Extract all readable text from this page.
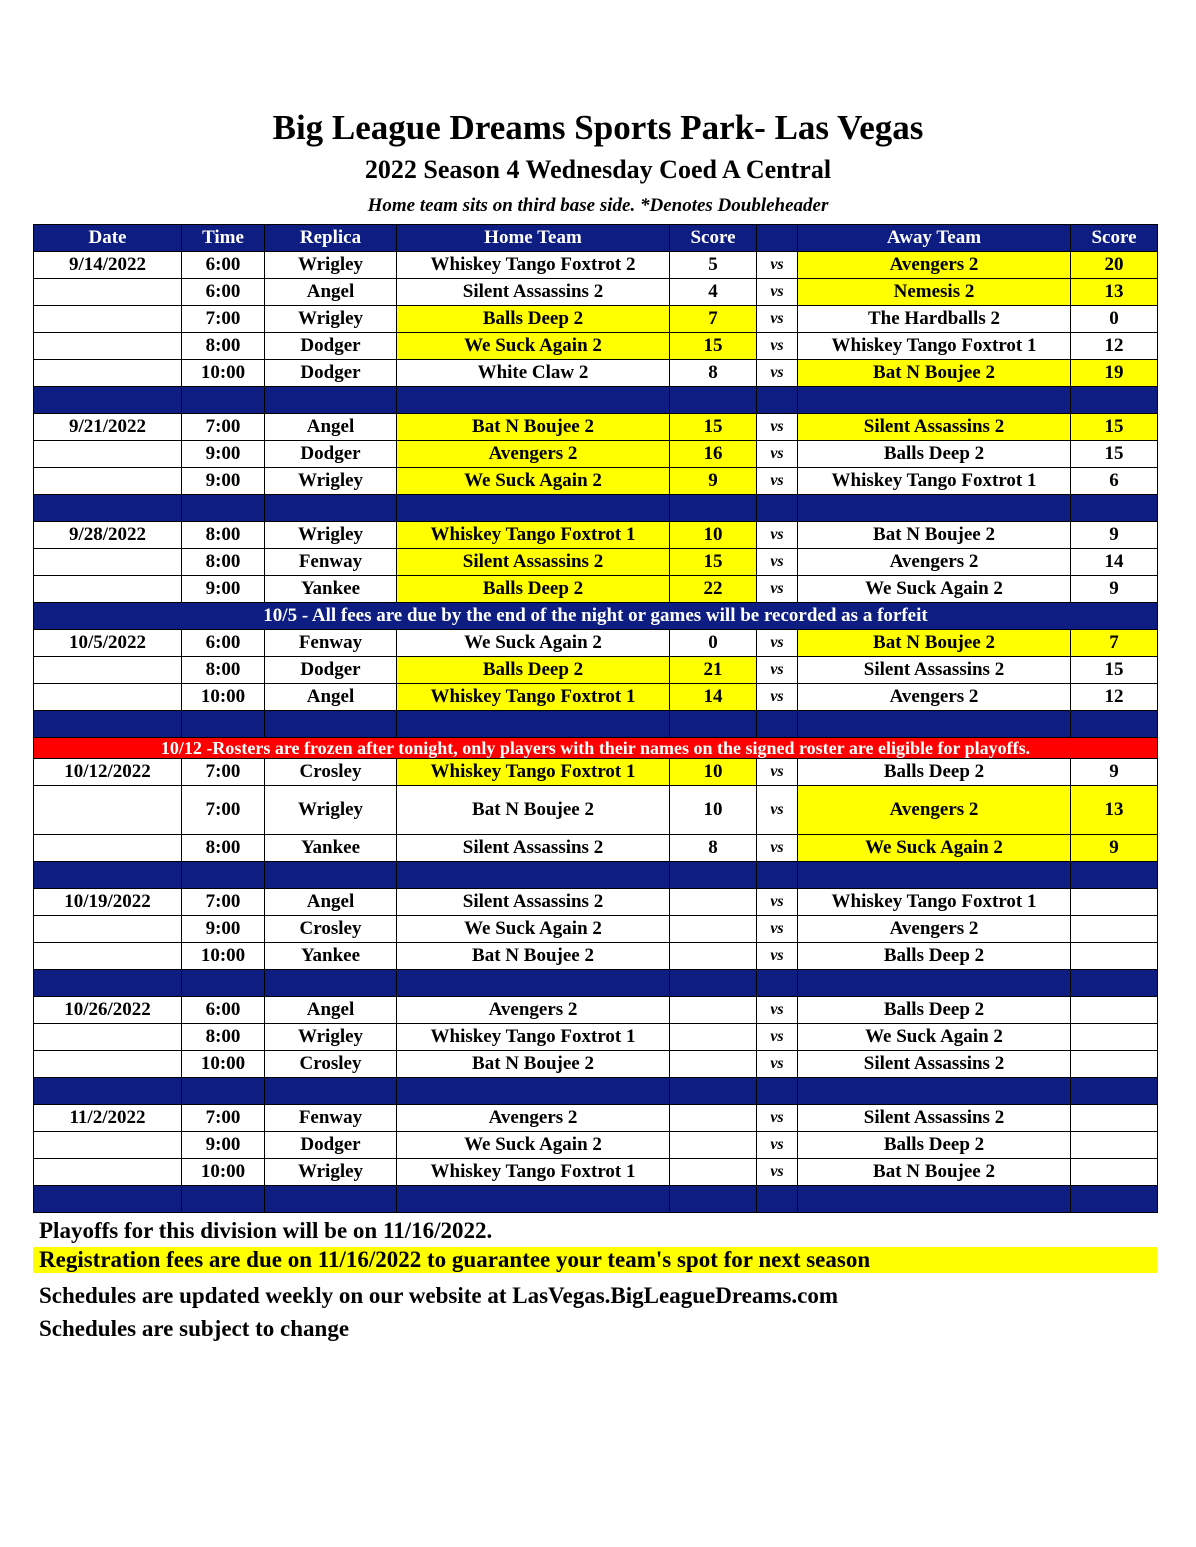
Big League Dreams Sports Park- Las Vegas
2022 Season 4 Wednesday Coed A Central
Home team sits on third base side. *Denotes Doubleheader
Date	Time	Replica	Home Team	Score		Away Team	Score
9/14/2022	6:00	Wrigley	Whiskey Tango Foxtrot 2	5	vs	Avengers 2	20
	6:00	Angel	Silent Assassins 2	4	vs	Nemesis 2	13
	7:00	Wrigley	Balls Deep 2	7	vs	The Hardballs 2	0
	8:00	Dodger	We Suck Again 2	15	vs	Whiskey Tango Foxtrot 1	12
	10:00	Dodger	White Claw 2	8	vs	Bat N Boujee 2	19

9/21/2022	7:00	Angel	Bat N Boujee 2	15	vs	Silent Assassins 2	15
	9:00	Dodger	Avengers 2	16	vs	Balls Deep 2	15
	9:00	Wrigley	We Suck Again 2	9	vs	Whiskey Tango Foxtrot 1	6

9/28/2022	8:00	Wrigley	Whiskey Tango Foxtrot 1	10	vs	Bat N Boujee 2	9
	8:00	Fenway	Silent Assassins 2	15	vs	Avengers 2	14
	9:00	Yankee	Balls Deep 2	22	vs	We Suck Again 2	9
10/5 - All fees are due by the end of the night or games will be recorded as a forfeit							
10/5/2022	6:00	Fenway	We Suck Again 2	0	vs	Bat N Boujee 2	7
	8:00	Dodger	Balls Deep 2	21	vs	Silent Assassins 2	15
	10:00	Angel	Whiskey Tango Foxtrot 1	14	vs	Avengers 2	12

10/12 -Rosters are frozen after tonight, only players with their names on the signed roster are eligible for playoffs.							
10/12/2022	7:00	Crosley	Whiskey Tango Foxtrot 1	10	vs	Balls Deep 2	9
	7:00	Wrigley	Bat N Boujee 2	10	vs	Avengers 2	13
	8:00	Yankee	Silent Assassins 2	8	vs	We Suck Again 2	9

10/19/2022	7:00	Angel	Silent Assassins 2		vs	Whiskey Tango Foxtrot 1	
	9:00	Crosley	We Suck Again 2		vs	Avengers 2	
	10:00	Yankee	Bat N Boujee 2		vs	Balls Deep 2	

10/26/2022	6:00	Angel	Avengers 2		vs	Balls Deep 2	
	8:00	Wrigley	Whiskey Tango Foxtrot 1		vs	We Suck Again 2	
	10:00	Crosley	Bat N Boujee 2		vs	Silent Assassins 2	

11/2/2022	7:00	Fenway	Avengers 2		vs	Silent Assassins 2	
	9:00	Dodger	We Suck Again 2		vs	Balls Deep 2	
	10:00	Wrigley	Whiskey Tango Foxtrot 1		vs	Bat N Boujee 2	

Playoffs for this division will be on 11/16/2022.
Registration fees are due on 11/16/2022 to guarantee your team's spot for next season
Schedules are updated weekly on our website at LasVegas.BigLeagueDreams.com
Schedules are subject to change
